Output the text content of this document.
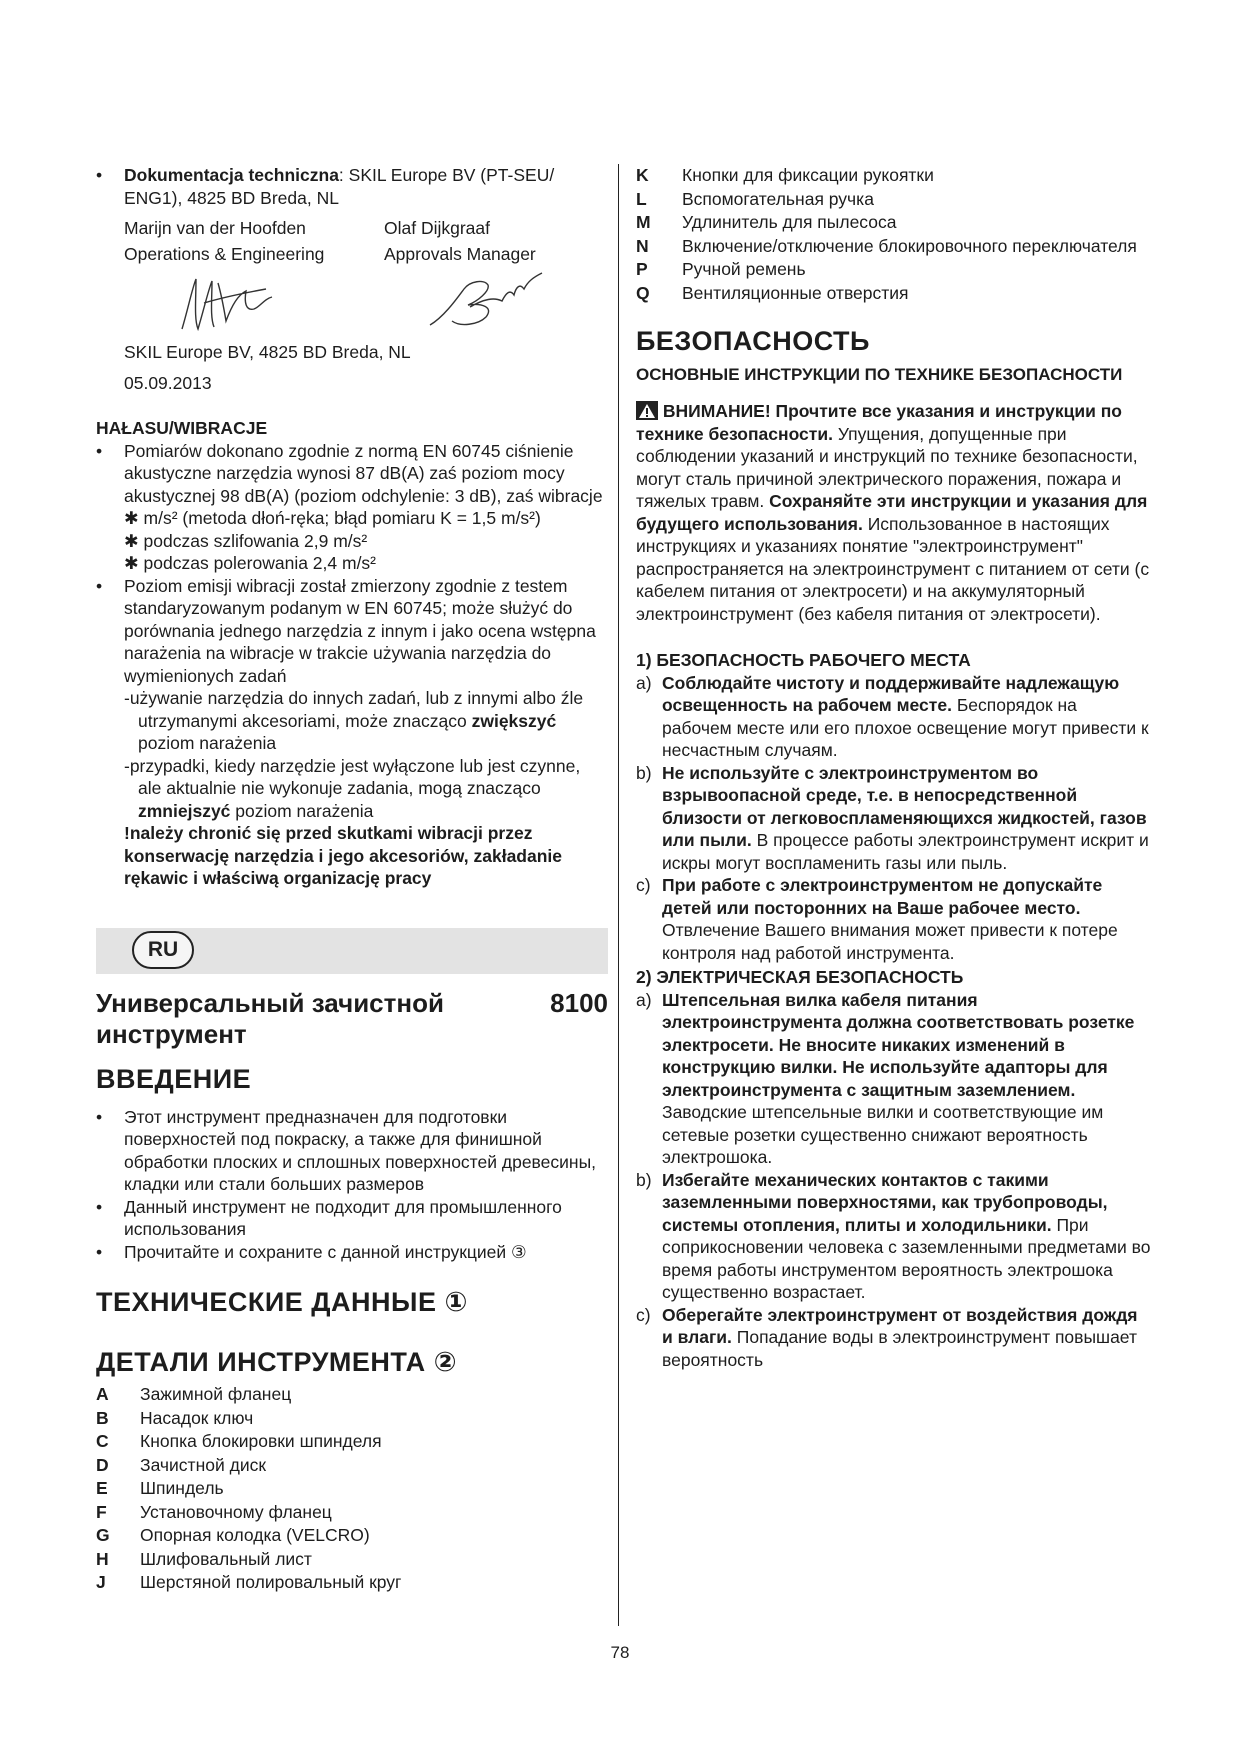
• Dokumentacja techniczna: SKIL Europe BV (PT-SEU/ ENG1), 4825 BD Breda, NL
Marijn van der Hoofden	Olaf Dijkgraaf
Operations & Engineering	Approvals Manager
SKIL Europe BV, 4825 BD Breda, NL
05.09.2013
HAŁASU/WIBRACJE
• Pomiarów dokonano zgodnie z normą EN 60745 ciśnienie akustyczne narzędzia wynosi 87 dB(A) zaś poziom mocy akustycznej 98 dB(A) (poziom odchylenie: 3 dB), zaś wibracje ✱ m/s² (metoda dłoń-ręka; błąd pomiaru K = 1,5 m/s²)
✱ podczas szlifowania 2,9 m/s²
✱ podczas polerowania 2,4 m/s²
• Poziom emisji wibracji został zmierzony zgodnie z testem standaryzowanym podanym w EN 60745; może służyć do porównania jednego narzędzia z innym i jako ocena wstępna narażenia na wibracje w trakcie używania narzędzia do wymienionych zadań
-używanie narzędzia do innych zadań, lub z innymi albo źle utrzymanymi akcesoriami, może znacząco zwiększyć poziom narażenia
-przypadki, kiedy narzędzie jest wyłączone lub jest czynne, ale aktualnie nie wykonuje zadania, mogą znacząco zmniejszyć poziom narażenia
!należy chronić się przed skutkami wibracji przez konserwację narzędzia i jego akcesoriów, zakładanie rękawic i właściwą organizację pracy
RU
Универсальный зачистной инструмент
8100
ВВЕДЕНИЕ
• Этот инструмент предназначен для подготовки поверхностей под покраску, а также для финишной обработки плоских и сплошных поверхностей древесины, кладки или стали больших размеров
• Данный инструмент не подходит для промышленного использования
• Прочитайте и сохраните с данной инструкцией ③
ТЕХНИЧЕСКИЕ ДАННЫЕ ①
ДЕТАЛИ ИНСТРУМЕНТА ②
A	Зажимной фланец
B	Насадок ключ
C	Кнопка блокировки шпинделя
D	Зачистной диск
E	Шпиндель
F	Установочному фланец
G	Опорная колодка (VELCRO)
H	Шлифовальный лист
J	Шерстяной полировальный круг
K	Кнопки для фиксации рукоятки
L	Вспомогательная ручка
M	Удлинитель для пылесоса
N	Включение/отключение блокировочного переключателя
P	Ручной ремень
Q	Вентиляционные отверстия
БЕЗОПАСНОСТЬ
ОСНОВНЫЕ ИНСТРУКЦИИ ПО ТЕХНИКЕ БЕЗОПАСНОСТИ
ВНИМАНИЕ! Прочтите все указания и инструкции по технике безопасности. Упущения, допущенные при соблюдении указаний и инструкций по технике безопасности, могут сталь причиной электрического поражения, пожара и тяжелых травм. Сохраняйте эти инструкции и указания для будущего использования. Использованное в настоящих инструкциях и указаниях понятие "электроинструмент" распространяется на электроинструмент с питанием от сети (с кабелем питания от электросети) и на аккумуляторный электроинструмент (без кабеля питания от электросети).
1) БЕЗОПАСНОСТЬ РАБОЧЕГО МЕСТА
a) Соблюдайте чистоту и поддерживайте надлежащую освещенность на рабочем месте. Беспорядок на рабочем месте или его плохое освещение могут привести к несчастным случаям.
b) Не используйте с электроинструментом во взрывоопасной среде, т.е. в непосредственной близости от легковоспламеняющихся жидкостей, газов или пыли. В процессе работы электроинструмент искрит и искры могут воспламенить газы или пыль.
c) При работе с электроинструментом не допускайте детей или посторонних на Ваше рабочее место. Отвлечение Вашего внимания может привести к потере контроля над работой инструмента.
2) ЭЛЕКТРИЧЕСКАЯ БЕЗОПАСНОСТЬ
a) Штепсельная вилка кабеля питания электроинструмента должна соответствовать розетке электросети. Не вносите никаких изменений в конструкцию вилки. Не используйте адапторы для электроинструмента с защитным заземлением. Заводские штепсельные вилки и соответствующие им сетевые розетки существенно снижают вероятность электрошока.
b) Избегайте механических контактов с такими заземленными поверхностями, как трубопроводы, системы отопления, плиты и холодильники. При соприкосновении человека с заземленными предметами во время работы инструментом вероятность электрошока существенно возрастает.
c) Оберегайте электроинструмент от воздействия дождя и влаги. Попадание воды в электроинструмент повышает вероятность
78
